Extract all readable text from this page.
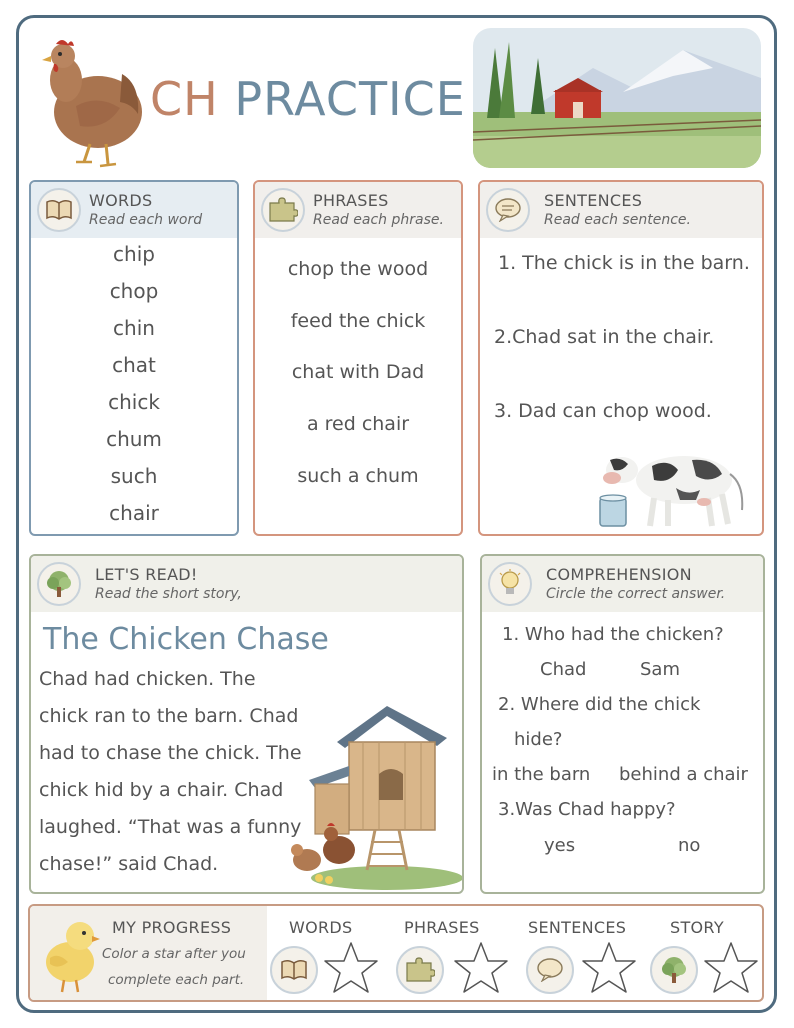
CH PRACTICE
WORDS
Read each word
chip
chop
chin
chat
chick
chum
such
chair
PHRASES
Read each phrase.
chop the wood
feed the chick
chat with Dad
a red chair
such a chum
SENTENCES
Read each sentence.
1. The chick is in the barn.
2.Chad sat in the chair.
3. Dad can chop wood.
LET'S READ!
Read the short story,
The Chicken Chase
Chad had chicken. The
chick ran to the barn. Chad
had to chase the chick. The
chick hid by a chair. Chad
laughed. “That was a funny
chase!” said Chad.
COMPREHENSION
Circle the correct answer.
1. Who had the chicken?
Chad	Sam
2. Where did the chick
hide?
in the barn behind a chair
3.Was Chad happy?
yes	no
MY PROGRESS
Color a star after you
complete each part.
WORDS	PHRASES	SENTENCES	STORY
